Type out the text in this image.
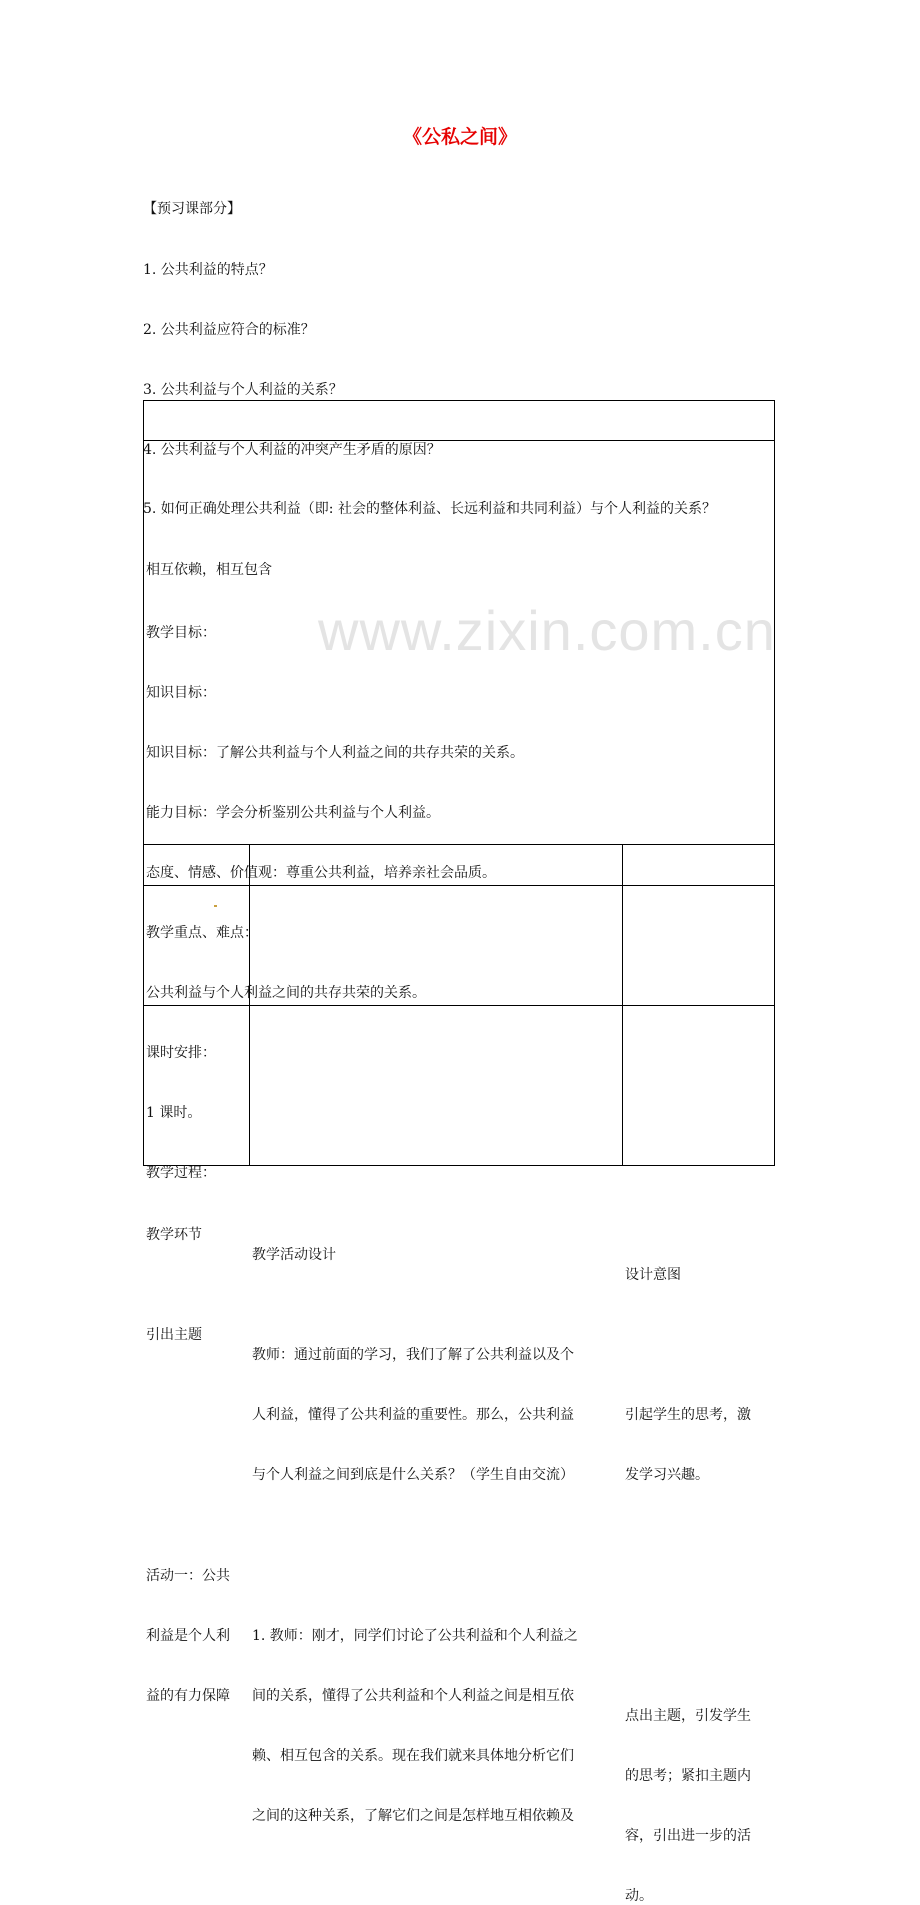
www.zixin.com.cn
《公私之间》
【预习课部分】
1. 公共利益的特点？
2. 公共利益应符合的标准？
3. 公共利益与个人利益的关系？
4. 公共利益与个人利益的冲突产生矛盾的原因？
5. 如何正确处理公共利益（即: 社会的整体利益、长远利益和共同利益）与个人利益的关系？
相互依赖，相互包含
教学目标：
知识目标：
知识目标：了解公共利益与个人利益之间的共存共荣的关系。
能力目标：学会分析鉴别公共利益与个人利益。
态度、情感、价值观：尊重公共利益，培养亲社会品质。
教学重点、难点：
公共利益与个人利益之间的共存共荣的关系。
课时安排：
1 课时。
教学过程：
教学环节
教学活动设计
设计意图
引出主题
教师：通过前面的学习，我们了解了公共利益以及个
人利益，懂得了公共利益的重要性。那么，公共利益
与个人利益之间到底是什么关系？（学生自由交流）
引起学生的思考，激
发学习兴趣。
活动一：公共
利益是个人利
益的有力保障
1. 教师：刚才，同学们讨论了公共利益和个人利益之
间的关系，懂得了公共利益和个人利益之间是相互依
赖、相互包含的关系。现在我们就来具体地分析它们
之间的这种关系，了解它们之间是怎样地互相依赖及
点出主题，引发学生
的思考；紧扣主题内
容，引出进一步的活
动。
